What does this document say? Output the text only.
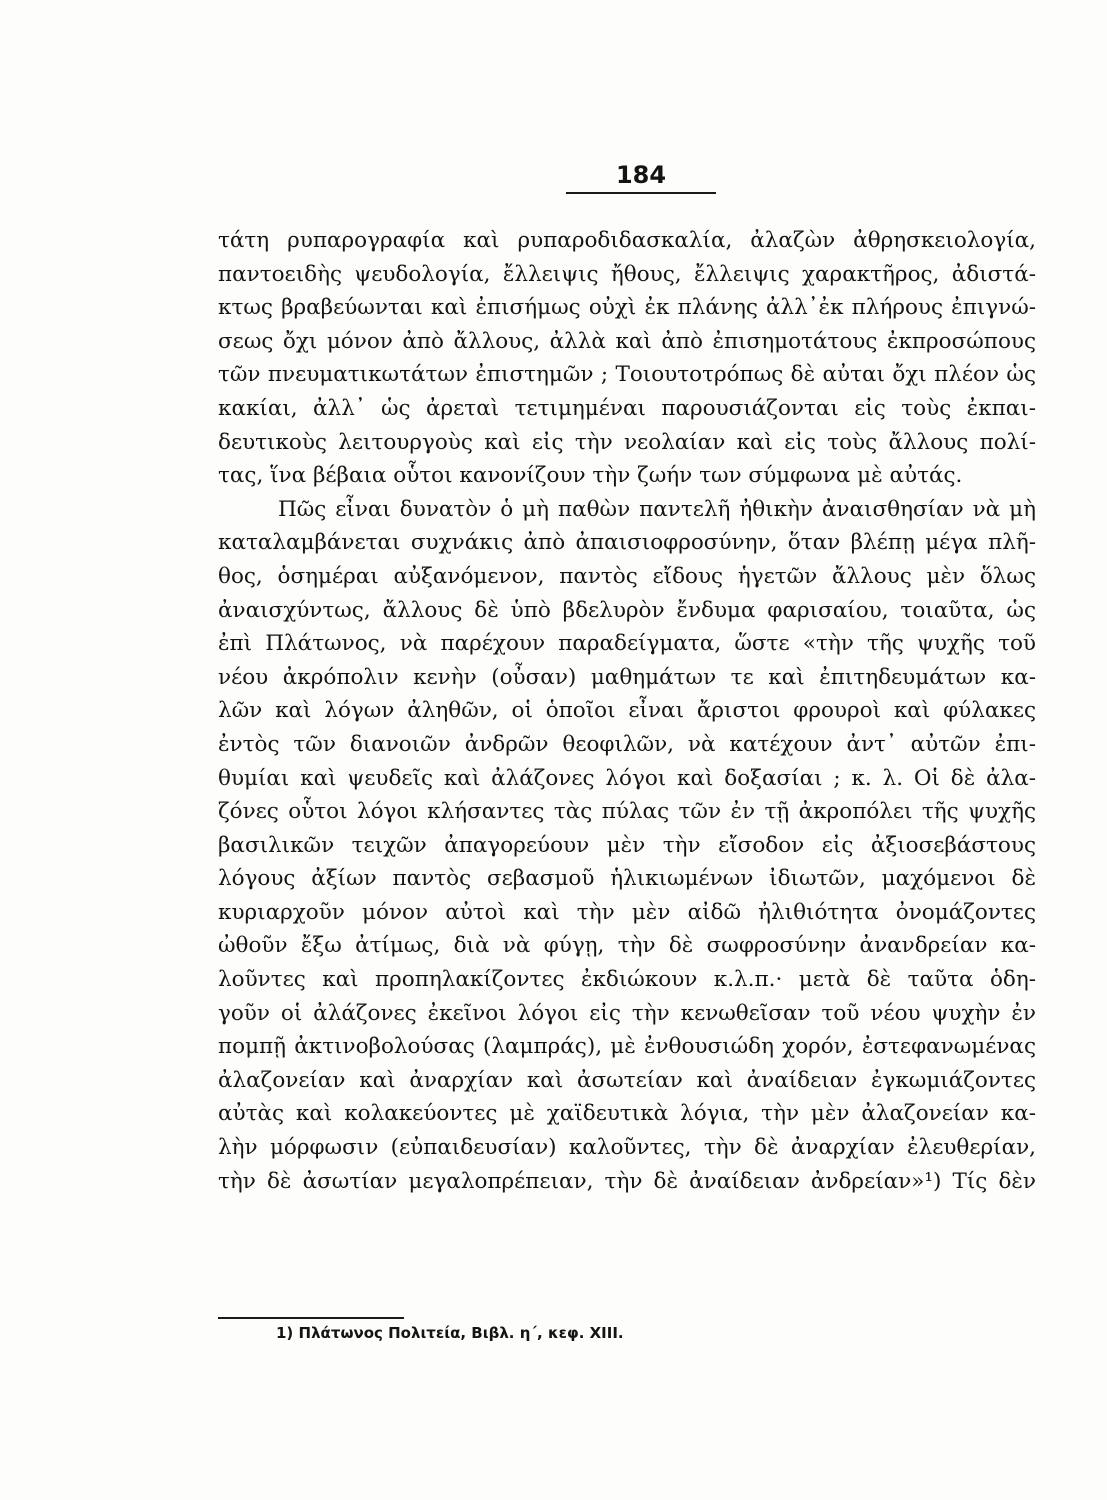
184
τάτη ρυπαρογραφία καὶ ρυπαροδιδασκαλία, ἀλαζὼν ἀθρησκειολογία,
παντοειδὴς ψευδολογία, ἔλλειψις ἤθους, ἔλλειψις χαρακτῆρος, ἀδιστά-
κτως βραβεύωνται καὶ ἐπισήμως οὐχὶ ἐκ πλάνης ἀλλ᾽ἐκ πλήρους ἐπιγνώ-
σεως ὄχι μόνον ἀπὸ ἄλλους, ἀλλὰ καὶ ἀπὸ ἐπισημοτάτους ἐκπροσώπους
τῶν πνευματικωτάτων ἐπιστημῶν ; Τοιουτοτρόπως δὲ αὐται ὄχι πλέον ὡς
κακίαι, ἀλλ᾽ ὡς ἀρεταὶ τετιμημέναι παρουσιάζονται εἰς τοὺς ἐκπαι-
δευτικοὺς λειτουργοὺς καὶ εἰς τὴν νεολαίαν καὶ εἰς τοὺς ἄλλους πολί-
τας, ἵνα βέβαια οὗτοι κανονίζουν τὴν ζωήν των σύμφωνα μὲ αὐτάς.
Πῶς εἶναι δυνατὸν ὁ μὴ παθὼν παντελῆ ἠθικὴν ἀναισθησίαν νὰ μὴ
καταλαμβάνεται συχνάκις ἀπὸ ἀπαισιοφροσύνην, ὅταν βλέπῃ μέγα πλῆ-
θος, ὁσημέραι αὐξανόμενον, παντὸς εἴδους ἡγετῶν ἄλλους μὲν ὅλως
ἀναισχύντως, ἄλλους δὲ ὑπὸ βδελυρὸν ἔνδυμα φαρισαίου, τοιαῦτα, ὡς
ἐπὶ Πλάτωνος, νὰ παρέχουν παραδείγματα, ὥστε «τὴν τῆς ψυχῆς τοῦ
νέου ἀκρόπολιν κενὴν (οὖσαν) μαθημάτων τε καὶ ἐπιτηδευμάτων κα-
λῶν καὶ λόγων ἀληθῶν, οἱ ὁποῖοι εἶναι ἄριστοι φρουροὶ καὶ φύλακες
ἐντὸς τῶν διανοιῶν ἀνδρῶν θεοφιλῶν, νὰ κατέχουν ἀντ᾽ αὐτῶν ἐπι-
θυμίαι καὶ ψευδεῖς καὶ ἀλάζονες λόγοι καὶ δοξασίαι ; κ. λ. Οἱ δὲ ἀλα-
ζόνες οὗτοι λόγοι κλήσαντες τὰς πύλας τῶν ἐν τῇ ἀκροπόλει τῆς ψυχῆς
βασιλικῶν τειχῶν ἀπαγορεύουν μὲν τὴν εἴσοδον εἰς ἀξιοσεβάστους
λόγους ἀξίων παντὸς σεβασμοῦ ἡλικιωμένων ἰδιωτῶν, μαχόμενοι δὲ
κυριαρχοῦν μόνον αὐτοὶ καὶ τὴν μὲν αἰδῶ ἠλιθιότητα ὀνομάζοντες
ὠθοῦν ἔξω ἀτίμως, διὰ νὰ φύγῃ, τὴν δὲ σωφροσύνην ἀνανδρείαν κα-
λοῦντες καὶ προπηλακίζοντες ἐκδιώκουν κ.λ.π.· μετὰ δὲ ταῦτα ὁδη-
γοῦν οἱ ἀλάζονες ἐκεῖνοι λόγοι εἰς τὴν κενωθεῖσαν τοῦ νέου ψυχὴν ἐν
πομπῇ ἀκτινοβολούσας (λαμπράς), μὲ ἐνθουσιώδη χορόν, ἐστεφανωμένας
ἀλαζονείαν καὶ ἀναρχίαν καὶ ἀσωτείαν καὶ ἀναίδειαν ἐγκωμιάζοντες
αὐτὰς καὶ κολακεύοντες μὲ χαϊδευτικὰ λόγια, τὴν μὲν ἀλαζονείαν κα-
λὴν μόρφωσιν (εὐπαιδευσίαν) καλοῦντες, τὴν δὲ ἀναρχίαν ἐλευθερίαν,
τὴν δὲ ἀσωτίαν μεγαλοπρέπειαν, τὴν δὲ ἀναίδειαν ἀνδρείαν»¹) Τίς δὲν
1) Πλάτωνος Πολιτεία, Βιβλ. η΄, κεφ. XIII.
